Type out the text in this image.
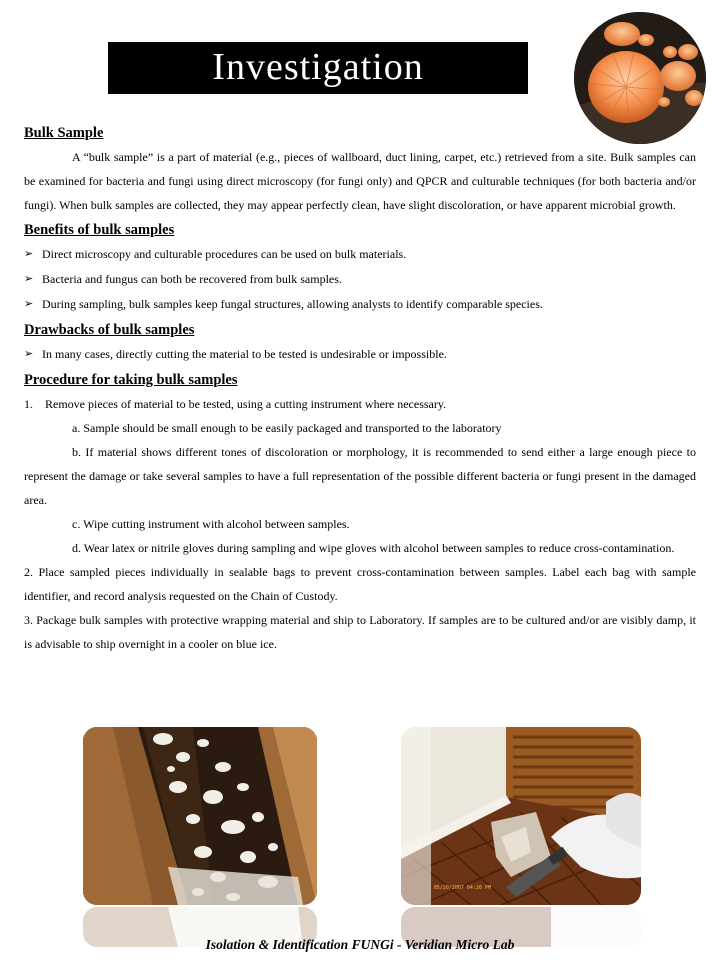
Investigation
Bulk Sample
A “bulk sample” is a part of material (e.g., pieces of wallboard, duct lining, carpet, etc.) retrieved from a site. Bulk samples can be examined for bacteria and fungi using direct microscopy (for fungi only) and QPCR and culturable techniques (for both bacteria and/or fungi). When bulk samples are collected, they may appear perfectly clean, have slight discoloration, or have apparent microbial growth.
Benefits of bulk samples
➢ Direct microscopy and culturable procedures can be used on bulk materials.
➢ Bacteria and fungus can both be recovered from bulk samples.
➢ During sampling, bulk samples keep fungal structures, allowing analysts to identify comparable species.
Drawbacks of bulk samples
➢ In many cases, directly cutting the material to be tested is undesirable or impossible.
Procedure for taking bulk samples
1.    Remove pieces of material to be tested, using a cutting instrument where necessary.
a. Sample should be small enough to be easily packaged and transported to the laboratory
b. If material shows different tones of discoloration or morphology, it is recommended to send either a large enough piece to represent the damage or take several samples to have a full representation of the possible different bacteria or fungi present in the damaged area.
c. Wipe cutting instrument with alcohol between samples.
d. Wear latex or nitrile gloves during sampling and wipe gloves with alcohol between samples to reduce cross-contamination.
2. Place sampled pieces individually in sealable bags to prevent cross-contamination between samples. Label each bag with sample identifier, and record analysis requested on the Chain of Custody.
3. Package bulk samples with protective wrapping material and ship to Laboratory. If samples are to be cultured and/or are visibly damp, it is advisable to ship overnight in a cooler on blue ice.
05/20/2007 04:26 PM
Isolation & Identification FUNGi - Veridian Micro Lab
